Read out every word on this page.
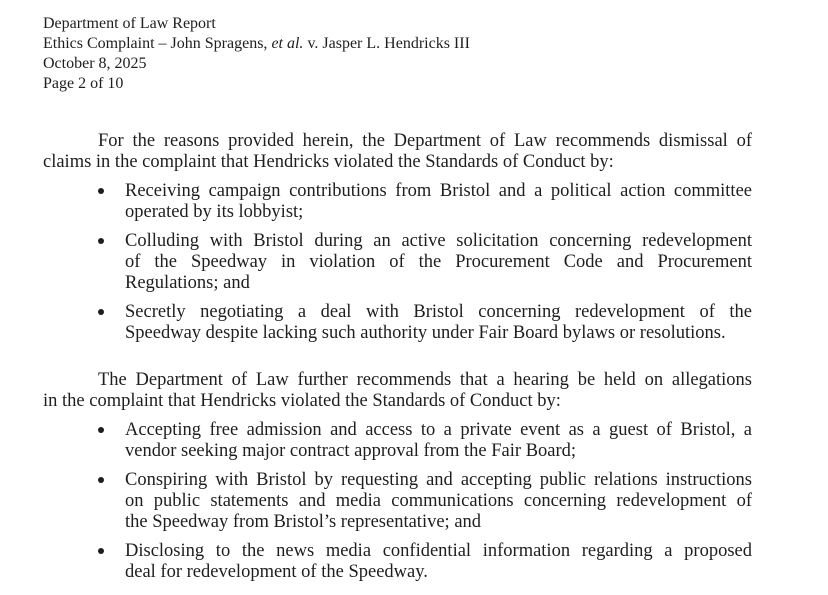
Department of Law Report
Ethics Complaint – John Spragens, et al. v. Jasper L. Hendricks III
October 8, 2025
Page 2 of 10
For the reasons provided herein, the Department of Law recommends dismissal of
claims in the complaint that Hendricks violated the Standards of Conduct by:
Receiving campaign contributions from Bristol and a political action committee
operated by its lobbyist;
Colluding with Bristol during an active solicitation concerning redevelopment
of the Speedway in violation of the Procurement Code and Procurement
Regulations; and
Secretly negotiating a deal with Bristol concerning redevelopment of the
Speedway despite lacking such authority under Fair Board bylaws or resolutions.
The Department of Law further recommends that a hearing be held on allegations
in the complaint that Hendricks violated the Standards of Conduct by:
Accepting free admission and access to a private event as a guest of Bristol, a
vendor seeking major contract approval from the Fair Board;
Conspiring with Bristol by requesting and accepting public relations instructions
on public statements and media communications concerning redevelopment of
the Speedway from Bristol’s representative; and
Disclosing to the news media confidential information regarding a proposed
deal for redevelopment of the Speedway.
